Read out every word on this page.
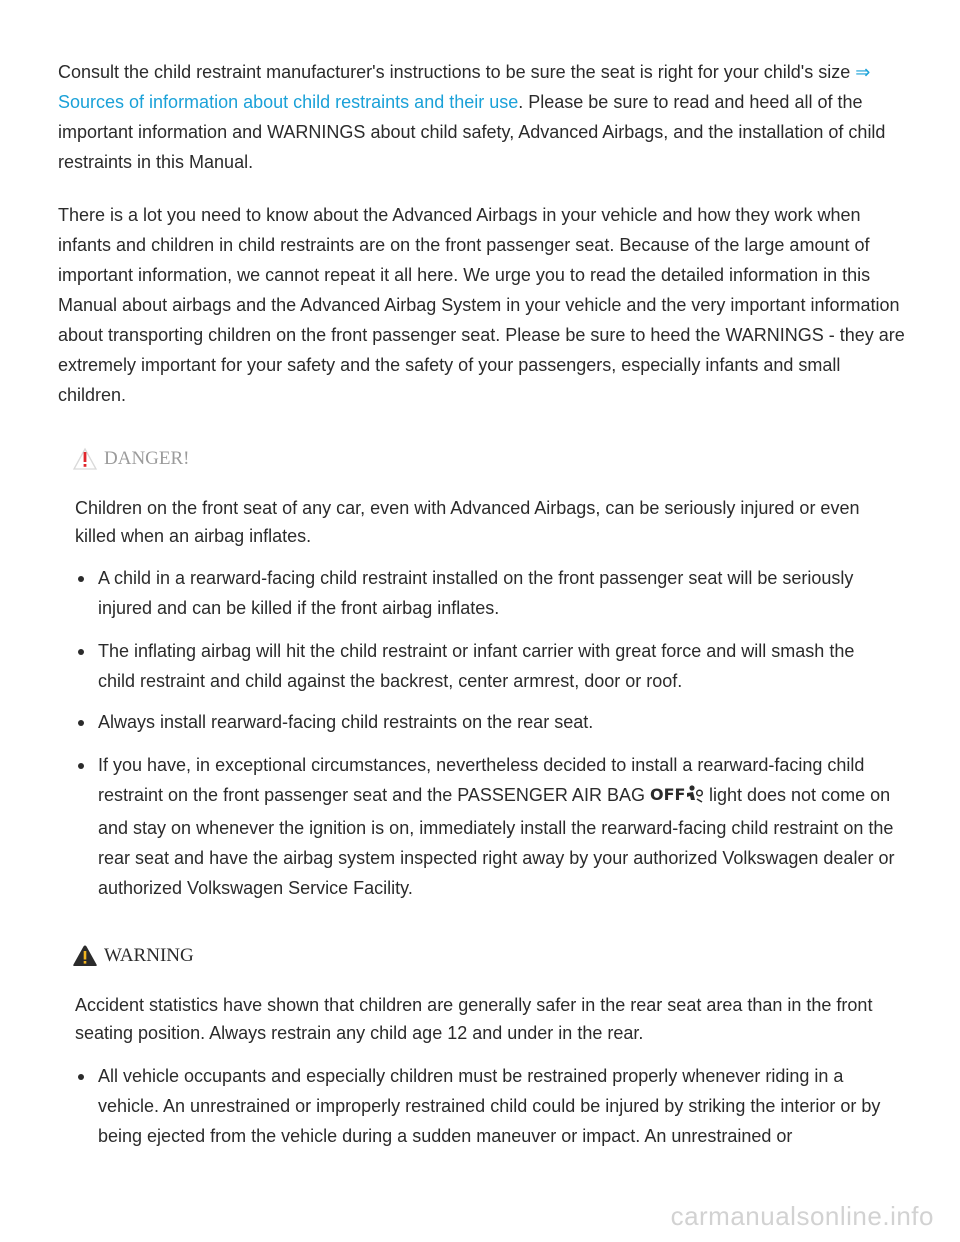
Consult the child restraint manufacturer's instructions to be sure the seat is right for your child's size ⇒ Sources of information about child restraints and their use. Please be sure to read and heed all of the important information and WARNINGS about child safety, Advanced Airbags, and the installation of child restraints in this Manual.

There is a lot you need to know about the Advanced Airbags in your vehicle and how they work when infants and children in child restraints are on the front passenger seat. Because of the large amount of important information, we cannot repeat it all here. We urge you to read the detailed information in this Manual about airbags and the Advanced Airbag System in your vehicle and the very important information about transporting children on the front passenger seat. Please be sure to heed the WARNINGS - they are extremely important for your safety and the safety of your passengers, especially infants and small children.

DANGER!

Children on the front seat of any car, even with Advanced Airbags, can be seriously injured or even killed when an airbag inflates.

A child in a rearward-facing child restraint installed on the front passenger seat will be seriously injured and can be killed if the front airbag inflates.
The inflating airbag will hit the child restraint or infant carrier with great force and will smash the child restraint and child against the backrest, center armrest, door or roof.
Always install rearward-facing child restraints on the rear seat.
If you have, in exceptional circumstances, nevertheless decided to install a rearward-facing child restraint on the front passenger seat and the PASSENGER AIR BAG OFF light does not come on and stay on whenever the ignition is on, immediately install the rearward-facing child restraint on the rear seat and have the airbag system inspected right away by your authorized Volkswagen dealer or authorized Volkswagen Service Facility.
WARNING

Accident statistics have shown that children are generally safer in the rear seat area than in the front seating position. Always restrain any child age 12 and under in the rear.

All vehicle occupants and especially children must be restrained properly whenever riding in a vehicle. An unrestrained or improperly restrained child could be injured by striking the interior or by being ejected from the vehicle during a sudden maneuver or impact. An unrestrained or
carmanualsonline.info
